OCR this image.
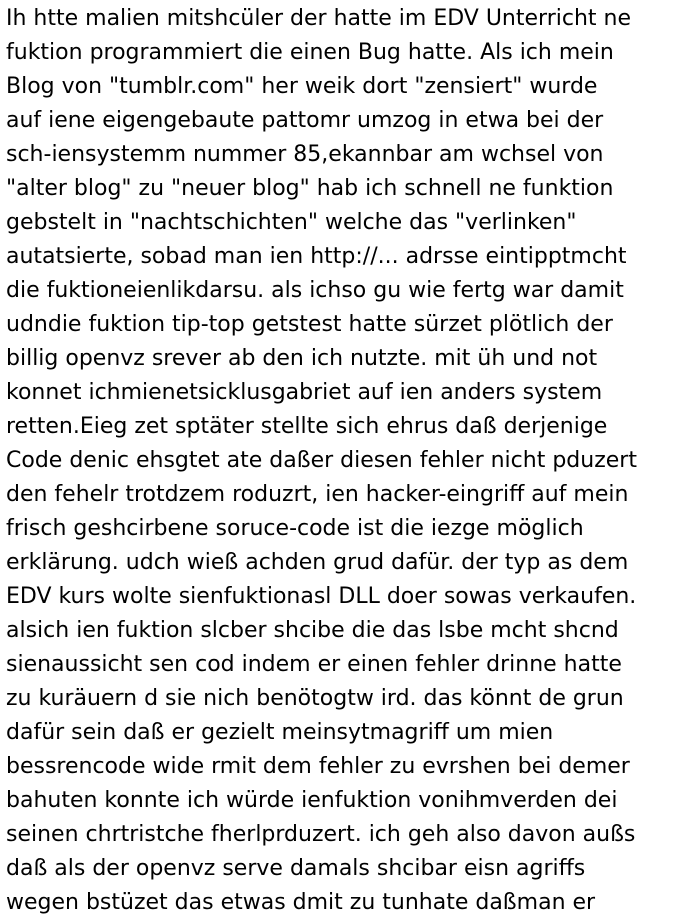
Ih htte malien mitshcüler der hatte im EDV Unterricht ne
fuktion programmiert die einen Bug hatte. Als ich mein
Blog von "tumblr.com" her weik dort "zensiert" wurde
auf iene eigengebaute pattomr umzog in etwa bei der
sch-iensystemm nummer 85,ekannbar am wchsel von
"alter blog" zu "neuer blog" hab ich schnell ne funktion
gebstelt in "nachtschichten" welche das "verlinken"
autatsierte, sobad man ien http://... adrsse eintipptmcht
die fuktioneienlikdarsu. als ichso gu wie fertg war damit
udndie fuktion tip-top getstest hatte sürzet plötlich der
billig openvz srever ab den ich nutzte. mit üh und not
konnet ichmienetsicklusgabriet auf ien anders system
retten.Eieg zet sptäter stellte sich ehrus daß derjenige
Code denic ehsgtet ate daßer diesen fehler nicht pduzert
den fehelr trotdzem roduzrt, ien hacker-eingriff auf mein
frisch geshcirbene soruce-code ist die iezge möglich
erklärung. udch wieß achden grud dafür. der typ as dem
EDV kurs wolte sienfuktionasl DLL doer sowas verkaufen.
alsich ien fuktion slcber shcibe die das lsbe mcht shcnd
sienaussicht sen cod indem er einen fehler drinne hatte
zu kuräuern d sie nich benötogtw ird. das könnt de grun
dafür sein daß er gezielt meinsytmagriff um mien
bessrencode wide rmit dem fehler zu evrshen bei demer
bahuten konnte ich würde ienfuktion vonihmverden dei
seinen chrtristche fherlprduzert. ich geh also davon außs
daß als der openvz serve damals shcibar eisn agriffs
wegen bstüzet das etwas dmit zu tunhate daßman er
